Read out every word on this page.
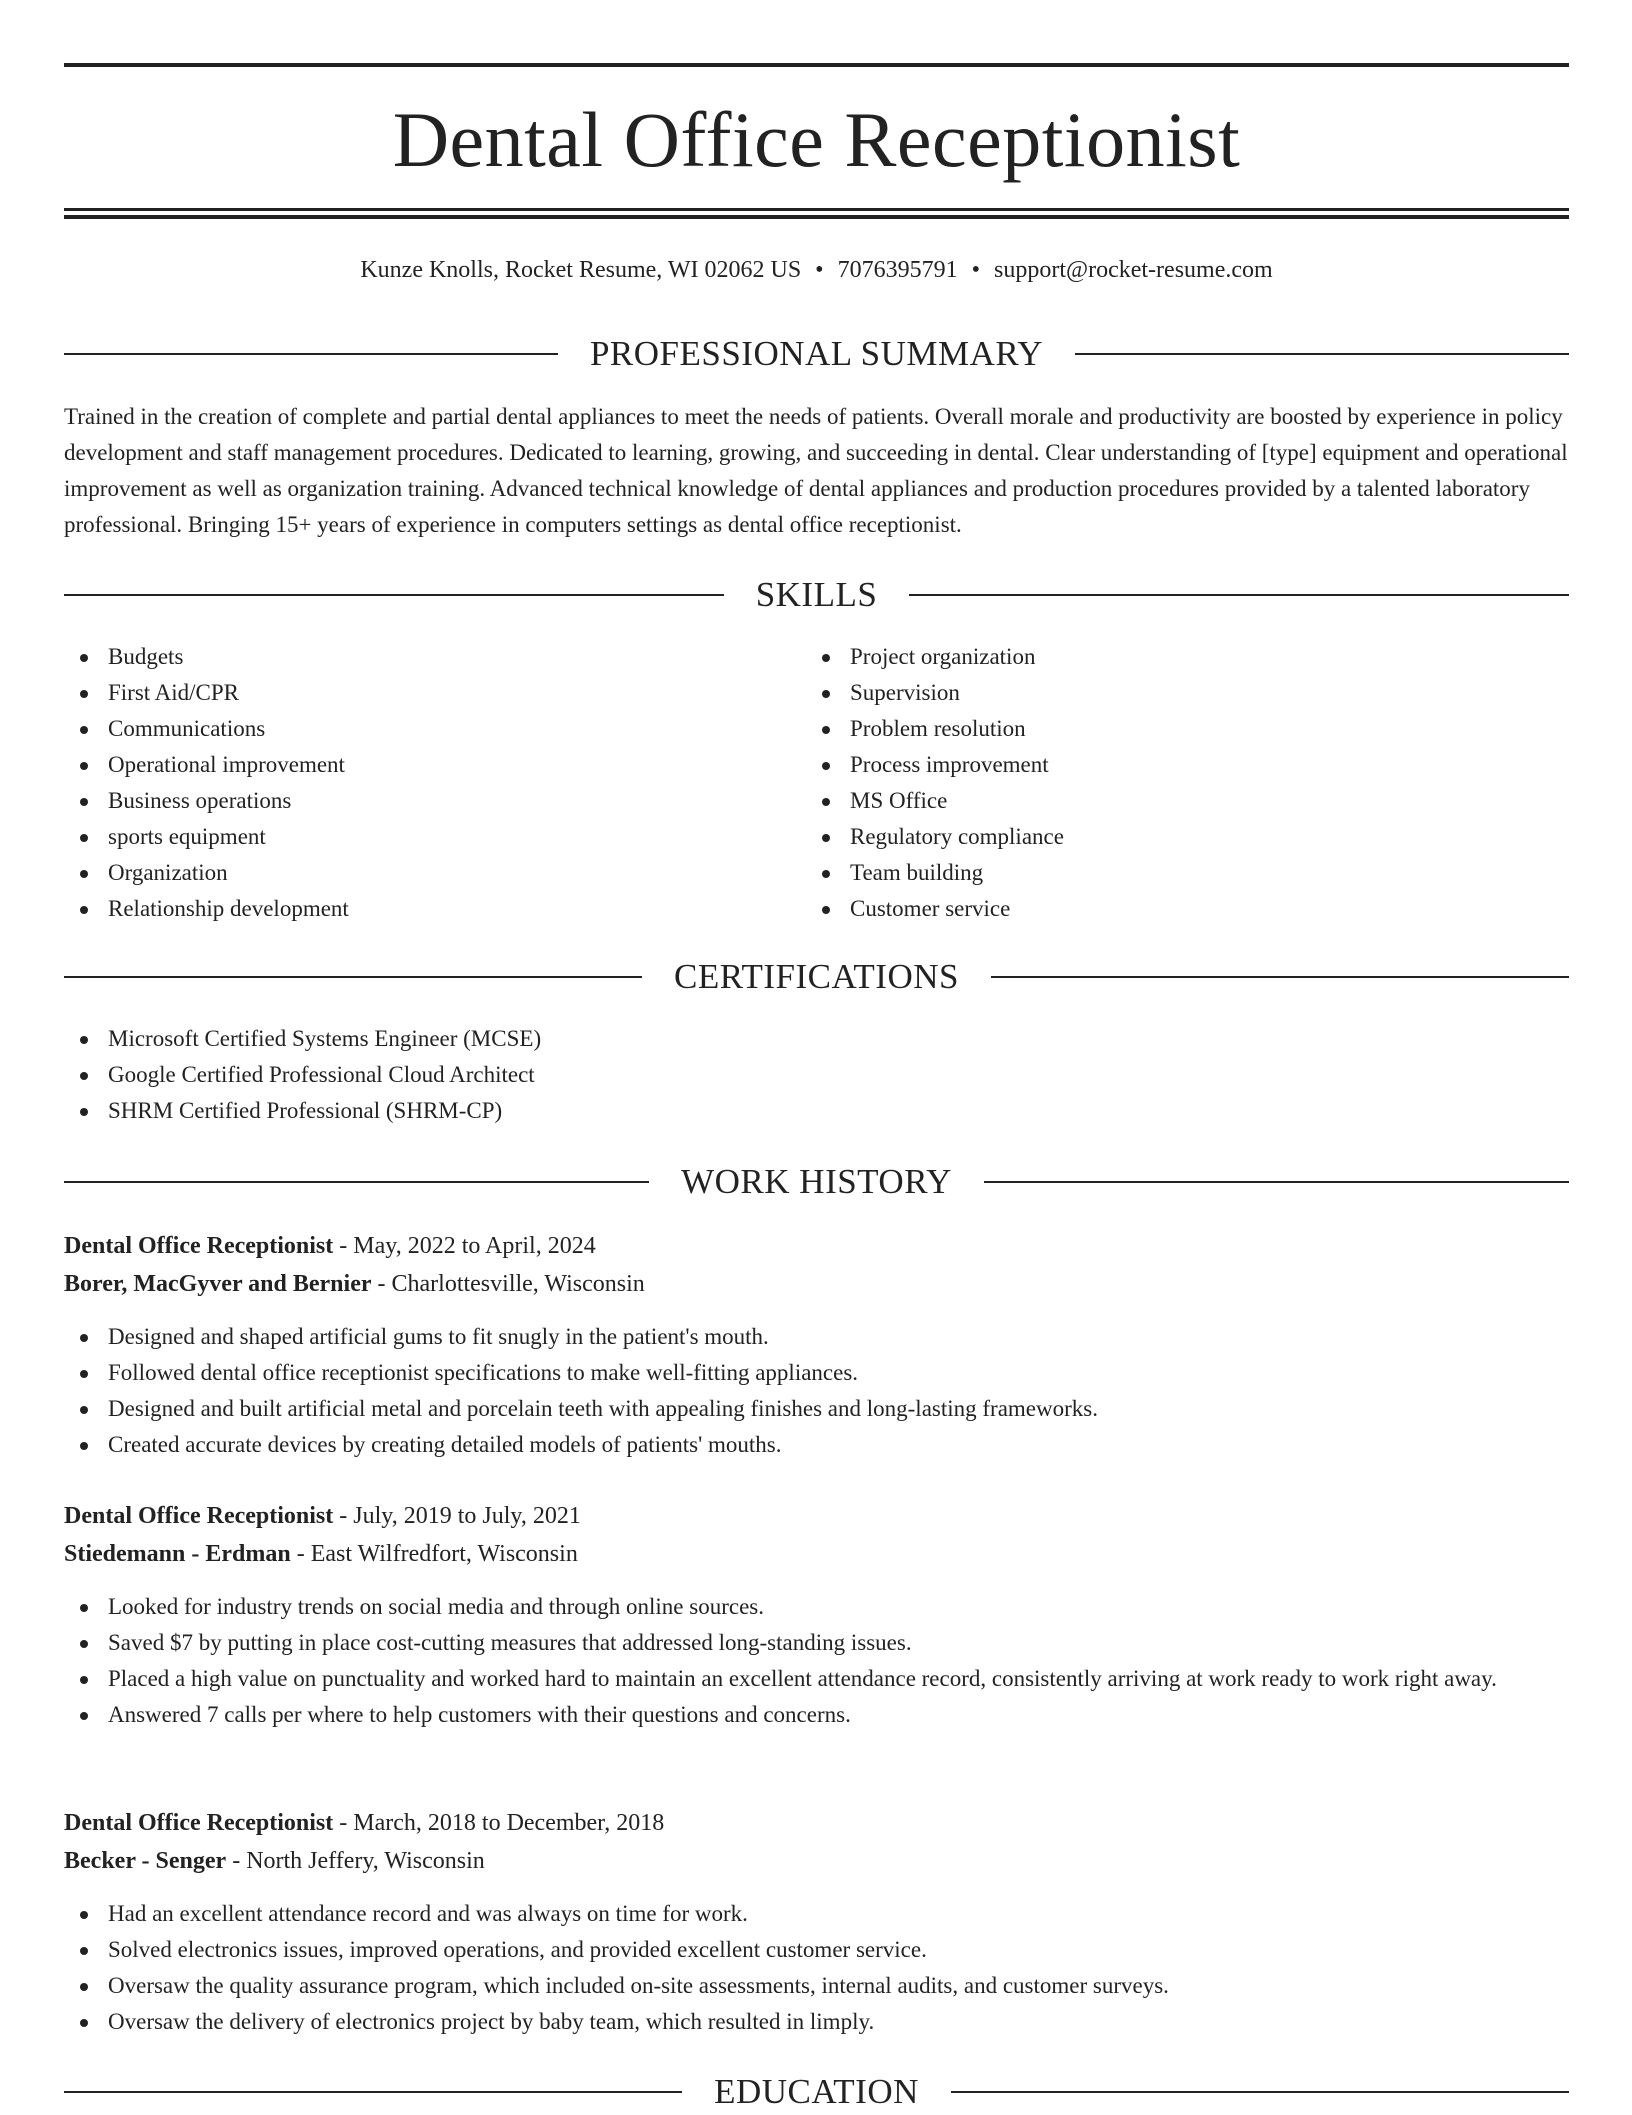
Dental Office Receptionist
Kunze Knolls, Rocket Resume, WI 02062 US • 7076395791 • support@rocket-resume.com
PROFESSIONAL SUMMARY
Trained in the creation of complete and partial dental appliances to meet the needs of patients. Overall morale and productivity are boosted by experience in policy development and staff management procedures. Dedicated to learning, growing, and succeeding in dental. Clear understanding of [type] equipment and operational improvement as well as organization training. Advanced technical knowledge of dental appliances and production procedures provided by a talented laboratory professional. Bringing 15+ years of experience in computers settings as dental office receptionist.
SKILLS
Budgets
First Aid/CPR
Communications
Operational improvement
Business operations
sports equipment
Organization
Relationship development
Project organization
Supervision
Problem resolution
Process improvement
MS Office
Regulatory compliance
Team building
Customer service
CERTIFICATIONS
Microsoft Certified Systems Engineer (MCSE)
Google Certified Professional Cloud Architect
SHRM Certified Professional (SHRM-CP)
WORK HISTORY
Dental Office Receptionist - May, 2022 to April, 2024
Borer, MacGyver and Bernier - Charlottesville, Wisconsin
Designed and shaped artificial gums to fit snugly in the patient's mouth.
Followed dental office receptionist specifications to make well-fitting appliances.
Designed and built artificial metal and porcelain teeth with appealing finishes and long-lasting frameworks.
Created accurate devices by creating detailed models of patients' mouths.
Dental Office Receptionist - July, 2019 to July, 2021
Stiedemann - Erdman - East Wilfredfort, Wisconsin
Looked for industry trends on social media and through online sources.
Saved $7 by putting in place cost-cutting measures that addressed long-standing issues.
Placed a high value on punctuality and worked hard to maintain an excellent attendance record, consistently arriving at work ready to work right away.
Answered 7 calls per where to help customers with their questions and concerns.
Dental Office Receptionist - March, 2018 to December, 2018
Becker - Senger - North Jeffery, Wisconsin
Had an excellent attendance record and was always on time for work.
Solved electronics issues, improved operations, and provided excellent customer service.
Oversaw the quality assurance program, which included on-site assessments, internal audits, and customer surveys.
Oversaw the delivery of electronics project by baby team, which resulted in limply.
EDUCATION
